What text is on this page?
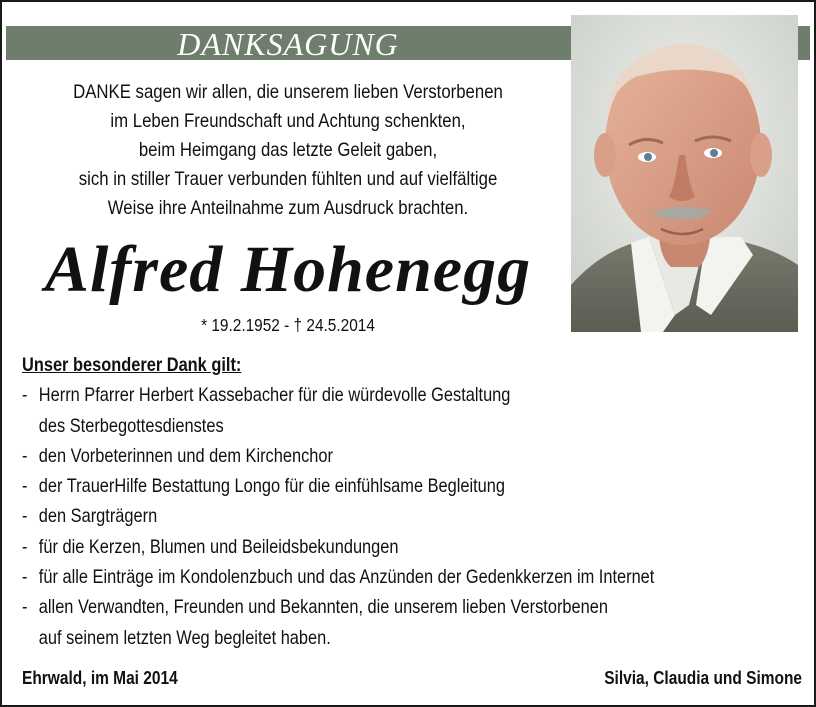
DANKSAGUNG
DANKE sagen wir allen, die unserem lieben Verstorbenen
im Leben Freundschaft und Achtung schenkten,
beim Heimgang das letzte Geleit gaben,
sich in stiller Trauer verbunden fühlten und auf vielfältige
Weise ihre Anteilnahme zum Ausdruck brachten.
Alfred Hohenegg
* 19.2.1952 - † 24.5.2014
Unser besonderer Dank gilt:
- Herrn Pfarrer Herbert Kassebacher für die würdevolle Gestaltung
des Sterbegottesdienstes
- den Vorbeterinnen und dem Kirchenchor
- der TrauerHilfe Bestattung Longo für die einfühlsame Begleitung
- den Sargträgern
- für die Kerzen, Blumen und Beileidsbekundungen
- für alle Einträge im Kondolenzbuch und das Anzünden der Gedenkkerzen im Internet
- allen Verwandten, Freunden und Bekannten, die unserem lieben Verstorbenen
auf seinem letzten Weg begleitet haben.
Ehrwald, im Mai 2014	Silvia, Claudia und Simone
